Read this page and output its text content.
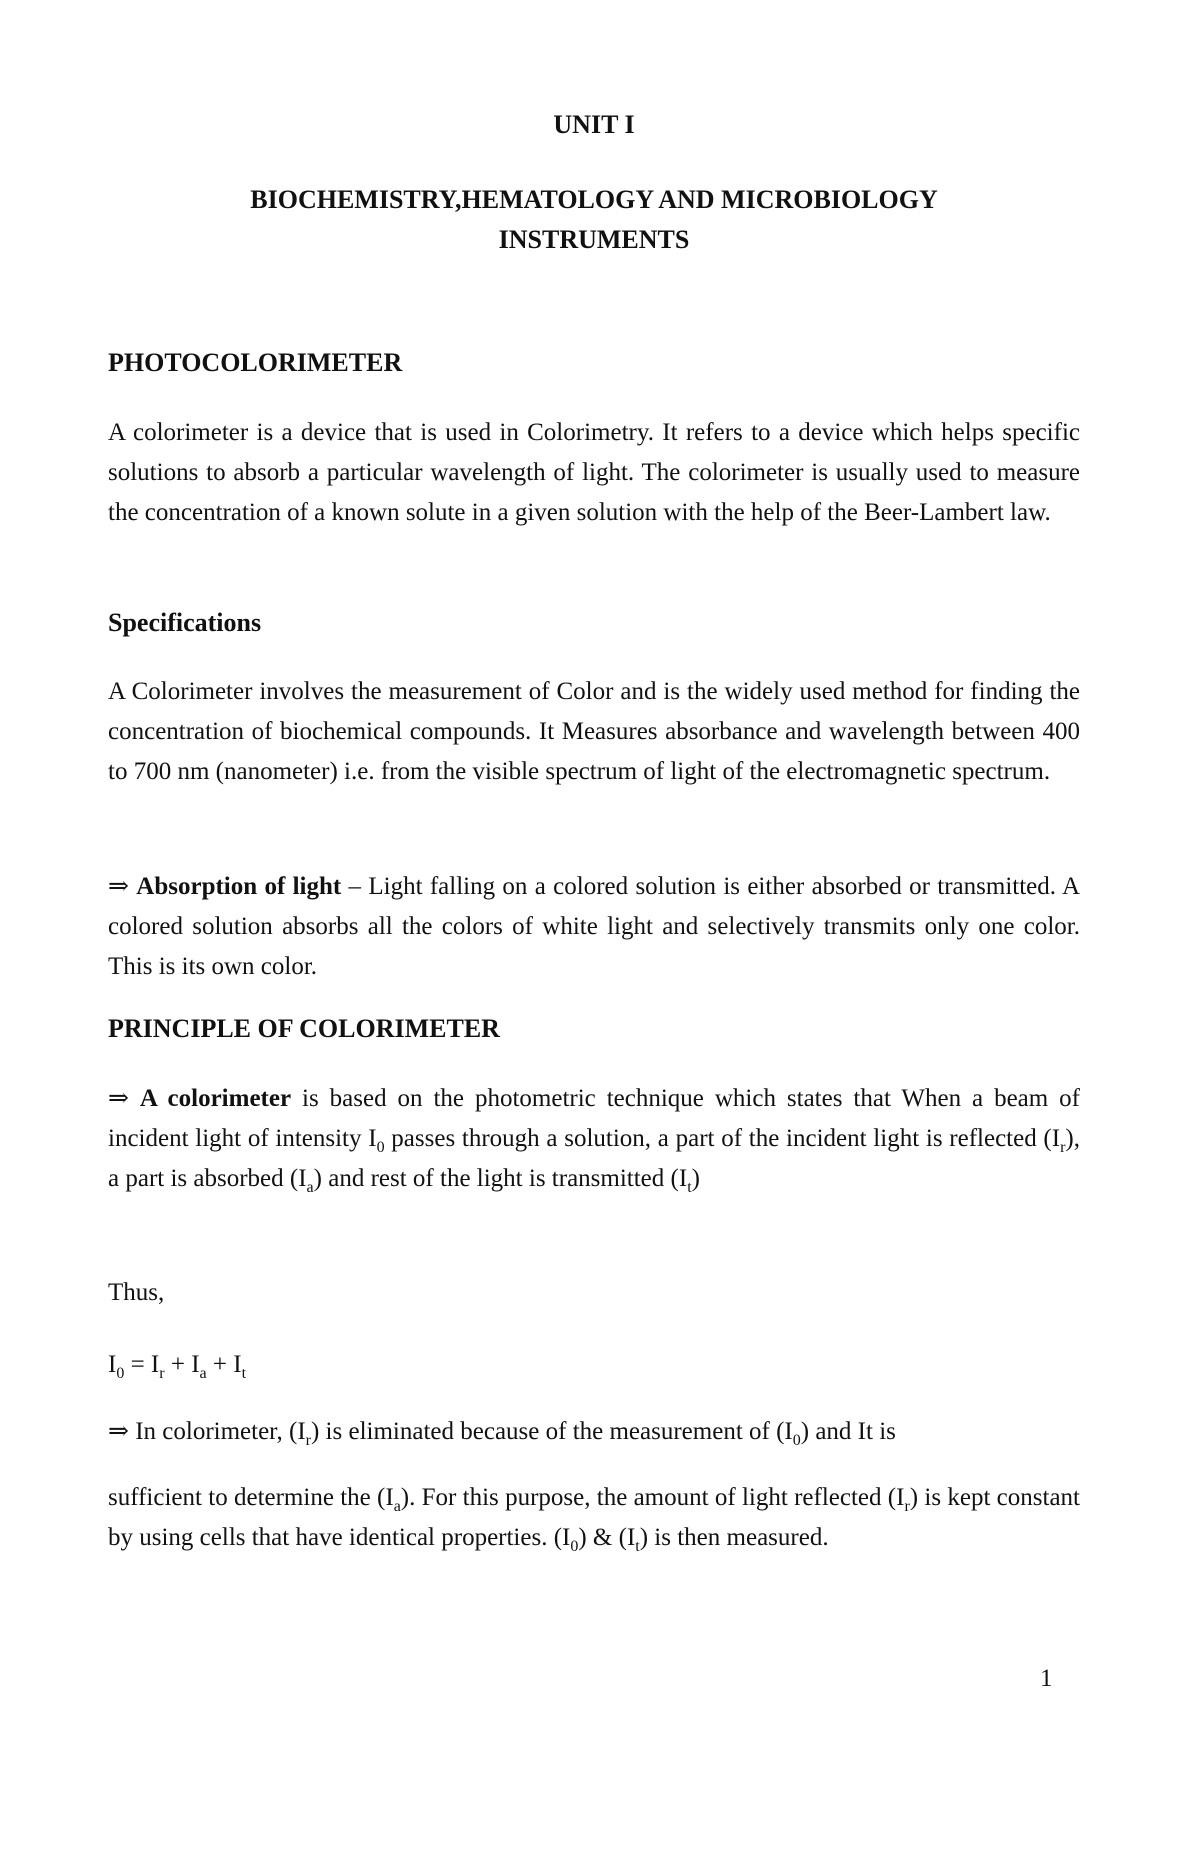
UNIT I
BIOCHEMISTRY,HEMATOLOGY AND MICROBIOLOGY
INSTRUMENTS
PHOTOCOLORIMETER
A colorimeter is a device that is used in Colorimetry. It refers to a device which helps specific solutions to absorb a particular wavelength of light. The colorimeter is usually used to measure the concentration of a known solute in a given solution with the help of the Beer-Lambert law.
Specifications
A Colorimeter involves the measurement of Color and is the widely used method for finding the concentration of biochemical compounds. It Measures absorbance and wavelength between 400 to 700 nm (nanometer) i.e. from the visible spectrum of light of the electromagnetic spectrum.
⇒ Absorption of light – Light falling on a colored solution is either absorbed or transmitted. A colored solution absorbs all the colors of white light and selectively transmits only one color. This is its own color.
PRINCIPLE OF COLORIMETER
⇒ A colorimeter is based on the photometric technique which states that When a beam of incident light of intensity $I_0$ passes through a solution, a part of the incident light is reflected $(I_r)$, a part is absorbed $(I_a)$ and rest of the light is transmitted $(I_t)$
Thus,
$I_0 = I_r + I_a + I_t$
⇒ In colorimeter, $(I_r)$ is eliminated because of the measurement of $(I_0)$ and It is
sufficient to determine the $(I_a)$. For this purpose, the amount of light reflected $(I_r)$ is kept constant by using cells that have identical properties. $(I_0)$ & $(I_t)$ is then measured.
1
